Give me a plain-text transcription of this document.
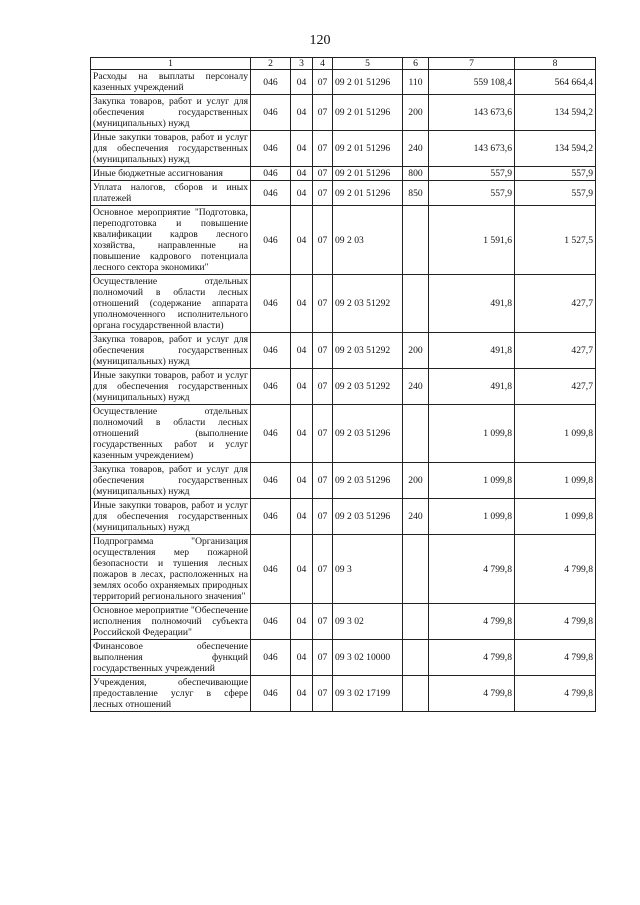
120
1	2	3	4	5	6	7	8
Расходы на выплаты персоналу казенных учреждений	046	04	07	09 2 01 51296	110	559 108,4	564 664,4
Закупка товаров, работ и услуг для обеспечения государственных (муниципальных) нужд	046	04	07	09 2 01 51296	200	143 673,6	134 594,2
Иные закупки товаров, работ и услуг для обеспечения государственных (муниципальных) нужд	046	04	07	09 2 01 51296	240	143 673,6	134 594,2
Иные бюджетные ассигнования	046	04	07	09 2 01 51296	800	557,9	557,9
Уплата налогов, сборов и иных платежей	046	04	07	09 2 01 51296	850	557,9	557,9
Основное мероприятие "Подготовка, переподготовка и повышение квалификации кадров лесного хозяйства, направленные на повышение кадрового потенциала лесного сектора экономики"	046	04	07	09 2 03		1 591,6	1 527,5
Осуществление отдельных полномочий в области лесных отношений (содержание аппарата уполномоченного исполнительного органа государственной власти)	046	04	07	09 2 03 51292		491,8	427,7
Закупка товаров, работ и услуг для обеспечения государственных (муниципальных) нужд	046	04	07	09 2 03 51292	200	491,8	427,7
Иные закупки товаров, работ и услуг для обеспечения государственных (муниципальных) нужд	046	04	07	09 2 03 51292	240	491,8	427,7
Осуществление отдельных полномочий в области лесных отношений (выполнение государственных работ и услуг казенным учреждением)	046	04	07	09 2 03 51296		1 099,8	1 099,8
Закупка товаров, работ и услуг для обеспечения государственных (муниципальных) нужд	046	04	07	09 2 03 51296	200	1 099,8	1 099,8
Иные закупки товаров, работ и услуг для обеспечения государственных (муниципальных) нужд	046	04	07	09 2 03 51296	240	1 099,8	1 099,8
Подпрограмма "Организация осуществления мер пожарной безопасности и тушения лесных пожаров в лесах, расположенных на землях особо охраняемых природных территорий регионального значения"	046	04	07	09 3		4 799,8	4 799,8
Основное мероприятие "Обеспечение исполнения полномочий субъекта Российской Федерации"	046	04	07	09 3 02		4 799,8	4 799,8
Финансовое обеспечение выполнения функций государственных учреждений	046	04	07	09 3 02 10000		4 799,8	4 799,8
Учреждения, обеспечивающие предоставление услуг в сфере лесных отношений	046	04	07	09 3 02 17199		4 799,8	4 799,8
